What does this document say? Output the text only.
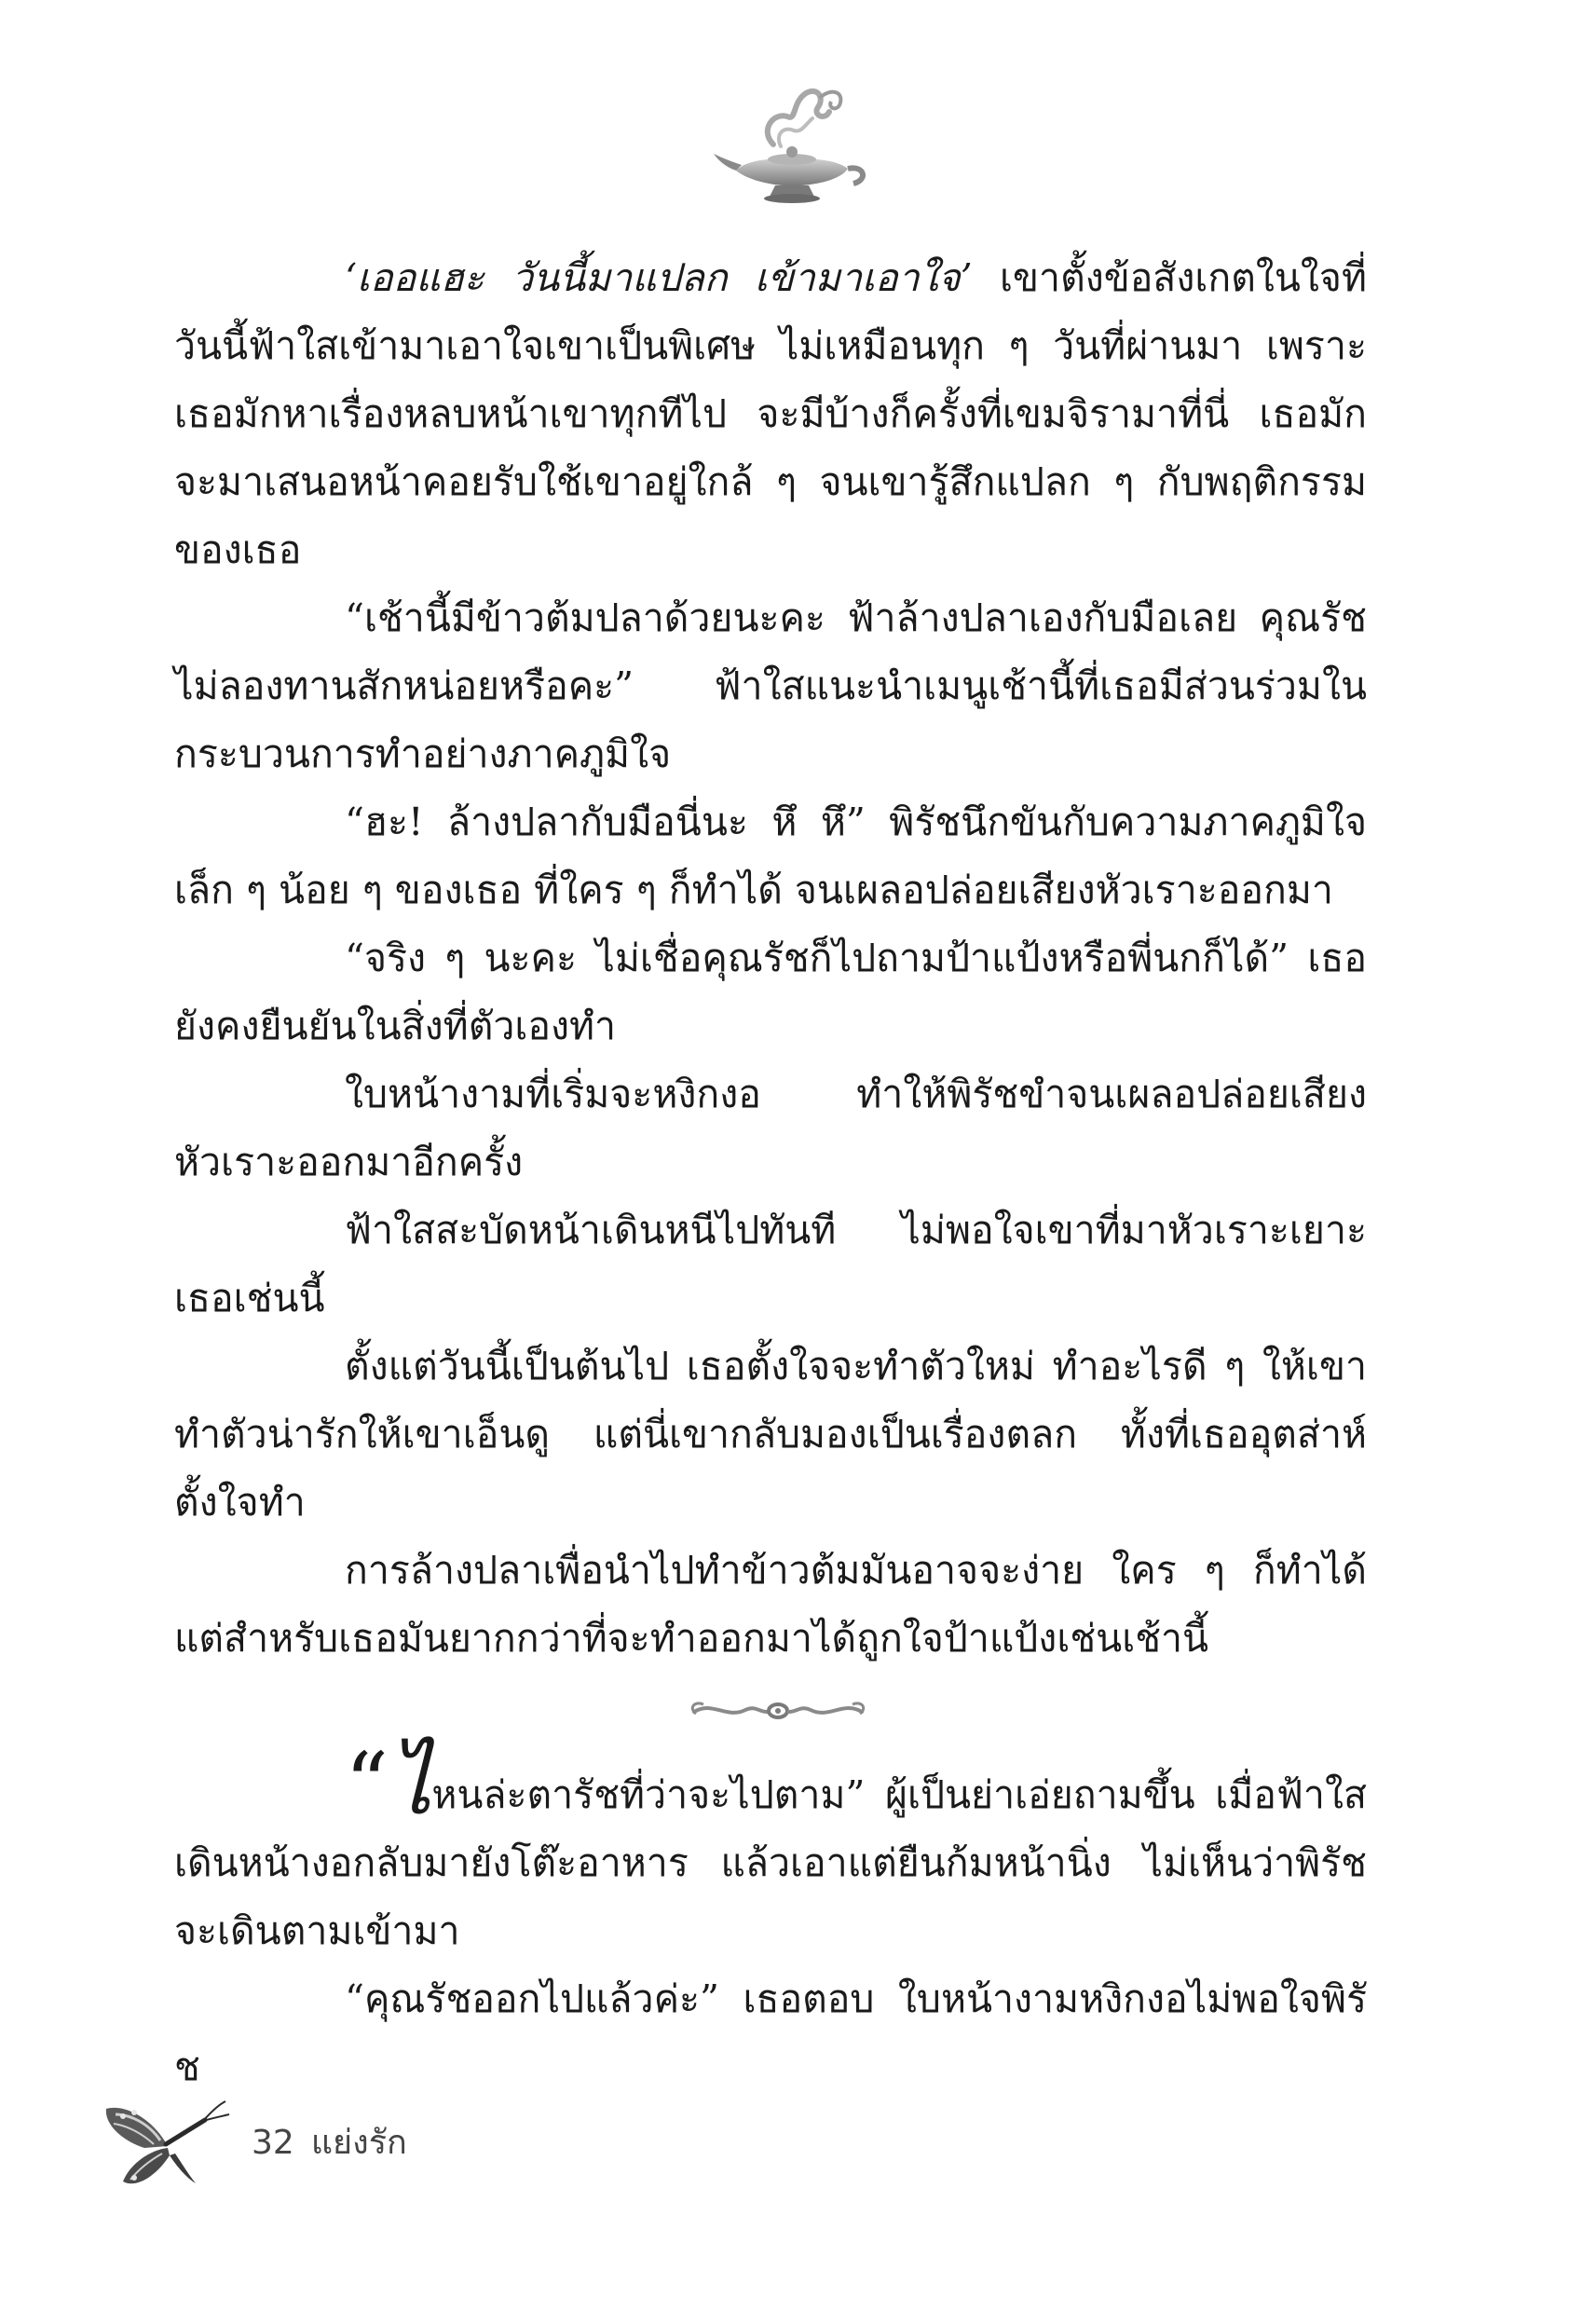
‘เออแฮะ วันนี้มาแปลก เข้ามาเอาใจ’ เขาตั้งข้อสังเกตในใจที่วันนี้ฟ้าใสเข้ามาเอาใจเขาเป็นพิเศษ ไม่เหมือนทุก ๆ วันที่ผ่านมา เพราะเธอมักหาเรื่องหลบหน้าเขาทุกทีไป จะมีบ้างก็ครั้งที่เขมจิรามาที่นี่ เธอมักจะมาเสนอหน้าคอยรับใช้เขาอยู่ใกล้ ๆ จนเขารู้สึกแปลก ๆ กับพฤติกรรมของเธอ

“เช้านี้มีข้าวต้มปลาด้วยนะคะ ฟ้าล้างปลาเองกับมือเลย คุณรัชไม่ลองทานสักหน่อยหรือคะ” ฟ้าใสแนะนำเมนูเช้านี้ที่เธอมีส่วนร่วมในกระบวนการทำอย่างภาคภูมิใจ

“ฮะ! ล้างปลากับมือนี่นะ หึ หึ” พิรัชนึกขันกับความภาคภูมิใจเล็ก ๆ น้อย ๆ ของเธอ ที่ใคร ๆ ก็ทำได้ จนเผลอปล่อยเสียงหัวเราะออกมา

“จริง ๆ นะคะ ไม่เชื่อคุณรัชก็ไปถามป้าแป้งหรือพี่นกก็ได้” เธอยังคงยืนยันในสิ่งที่ตัวเองทำ

ใบหน้างามที่เริ่มจะหงิกงอ ทำให้พิรัชขำจนเผลอปล่อยเสียงหัวเราะออกมาอีกครั้ง

ฟ้าใสสะบัดหน้าเดินหนีไปทันที ไม่พอใจเขาที่มาหัวเราะเยาะเธอเช่นนี้

ตั้งแต่วันนี้เป็นต้นไป เธอตั้งใจจะทำตัวใหม่ ทำอะไรดี ๆ ให้เขาทำตัวน่ารักให้เขาเอ็นดู แต่นี่เขากลับมองเป็นเรื่องตลก ทั้งที่เธออุตส่าห์ตั้งใจทำ

การล้างปลาเพื่อนำไปทำข้าวต้มมันอาจจะง่าย ใคร ๆ ก็ทำได้แต่สำหรับเธอมันยากกว่าที่จะทำออกมาได้ถูกใจป้าแป้งเช่นเช้านี้

“ไหนล่ะตารัชที่ว่าจะไปตาม” ผู้เป็นย่าเอ่ยถามขึ้น เมื่อฟ้าใสเดินหน้างอกลับมายังโต๊ะอาหาร แล้วเอาแต่ยืนก้มหน้านิ่ง ไม่เห็นว่าพิรัชจะเดินตามเข้ามา

“คุณรัชออกไปแล้วค่ะ” เธอตอบ ใบหน้างามหงิกงอไม่พอใจพิรัช

32 แย่งรัก
